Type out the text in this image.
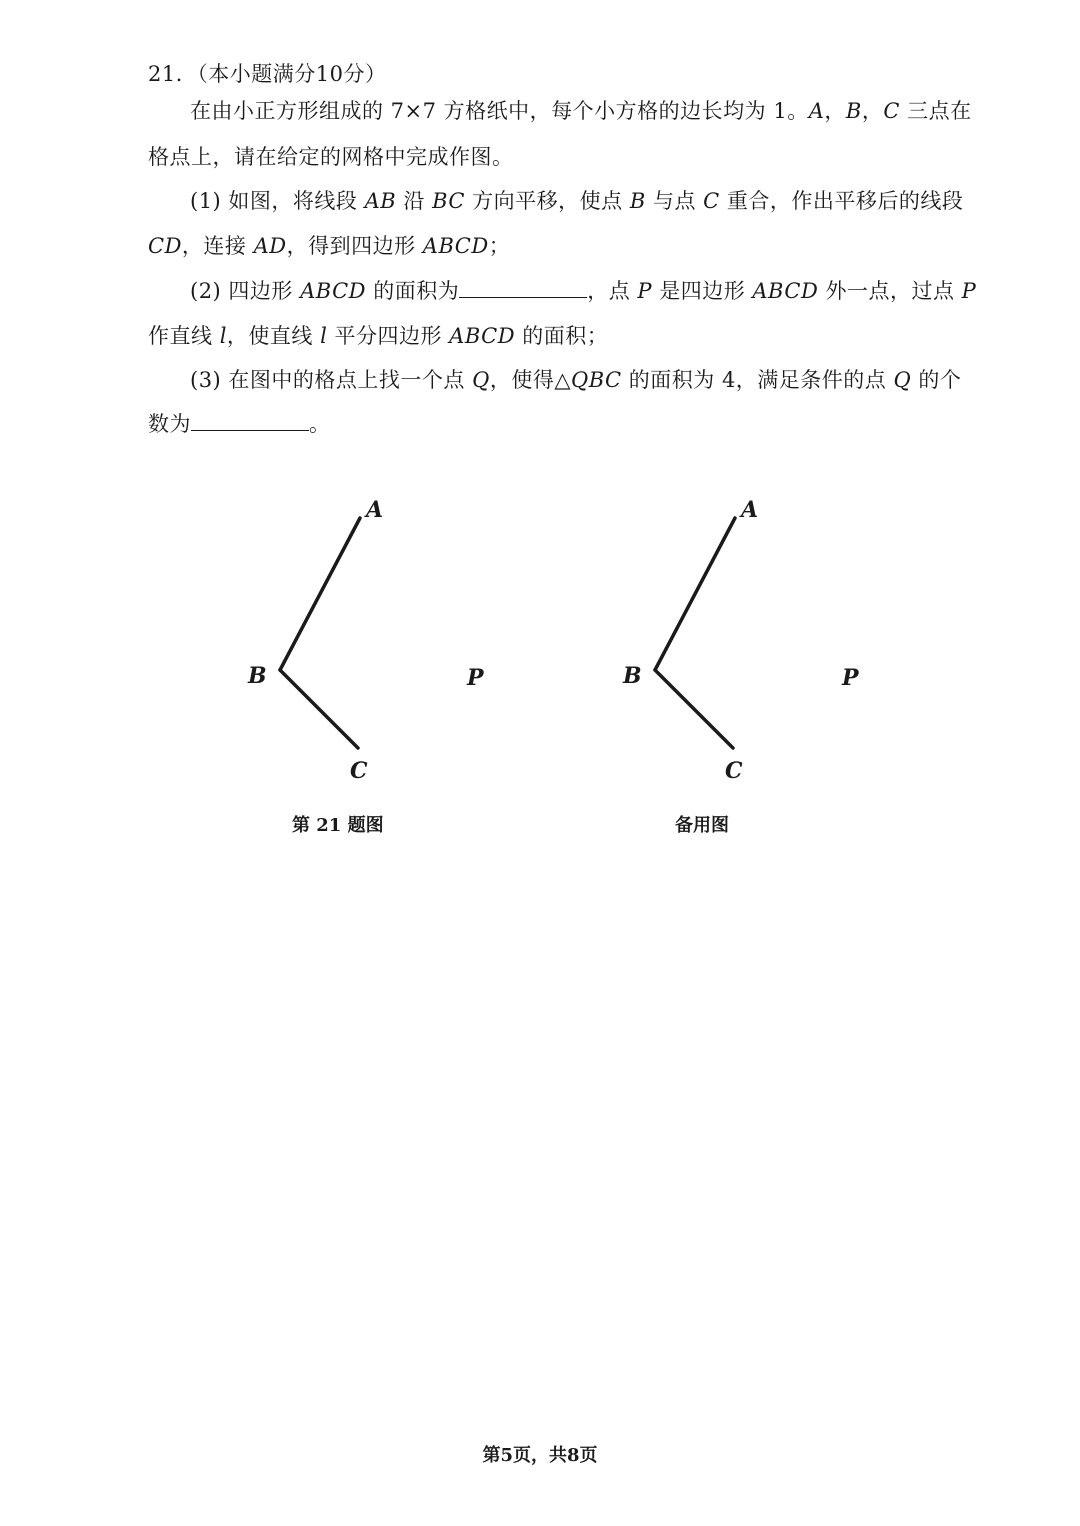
21．（本小题满分10分）
在由小正方形组成的 7×7 方格纸中，每个小方格的边长均为 1。A，B，C 三点在
格点上，请在给定的网格中完成作图。
(1) 如图，将线段 AB 沿 BC 方向平移，使点 B 与点 C 重合，作出平移后的线段
CD，连接 AD，得到四边形 ABCD；
(2) 四边形 ABCD 的面积为	，点 P 是四边形 ABCD 外一点，过点 P
作直线 l，使直线 l 平分四边形 ABCD 的面积；
(3) 在图中的格点上找一个点 Q，使得△QBC 的面积为 4，满足条件的点 Q 的个
数为	。
A
B	P
C
第 21 题图
A
B	P
C
备用图
第5页，共8页
